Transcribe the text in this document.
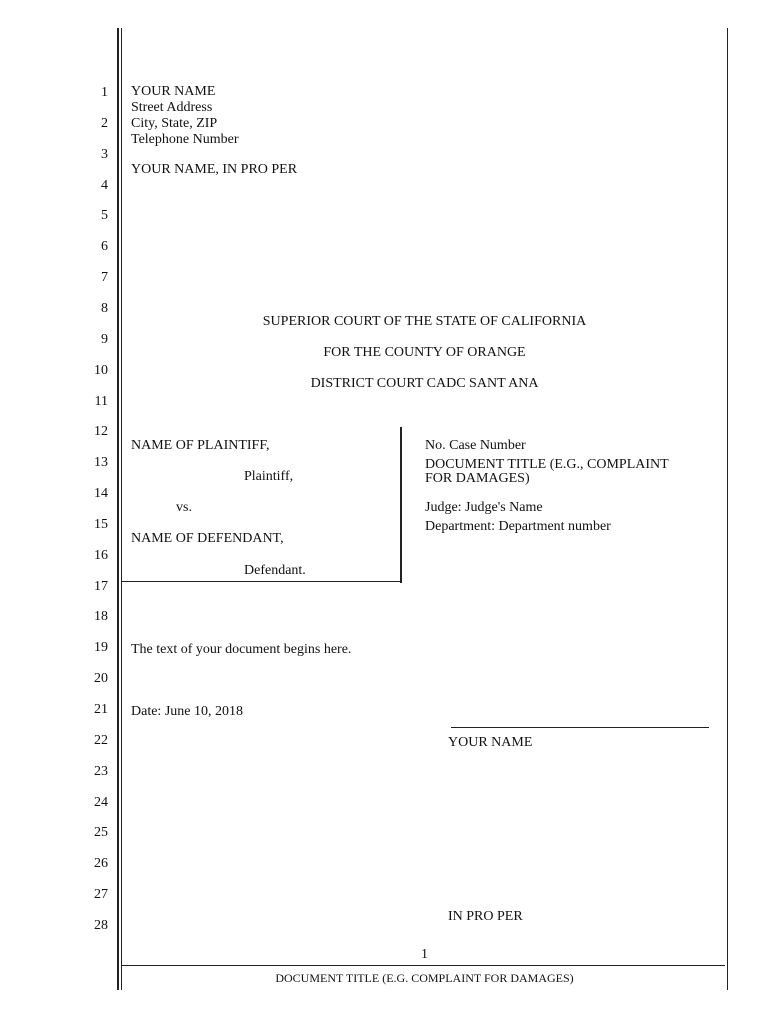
1
2
3
4
5
6
7
8
9
10
11
12
13
14
15
16
17
18
19
20
21
22
23
24
25
26
27
28
YOUR NAME
Street Address
City, State, ZIP
Telephone Number
YOUR NAME, IN PRO PER
SUPERIOR COURT OF THE STATE OF CALIFORNIA
FOR THE COUNTY OF ORANGE
DISTRICT COURT CADC SANT ANA
NAME OF PLAINTIFF,
Plaintiff,
vs.
NAME OF DEFENDANT,
Defendant.
No. Case Number
DOCUMENT TITLE (E.G., COMPLAINT
FOR DAMAGES)
Judge: Judge's Name
Department: Department number
The text of your document begins here.
Date: June 10, 2018
YOUR NAME
IN PRO PER
1
DOCUMENT TITLE (E.G. COMPLAINT FOR DAMAGES)
